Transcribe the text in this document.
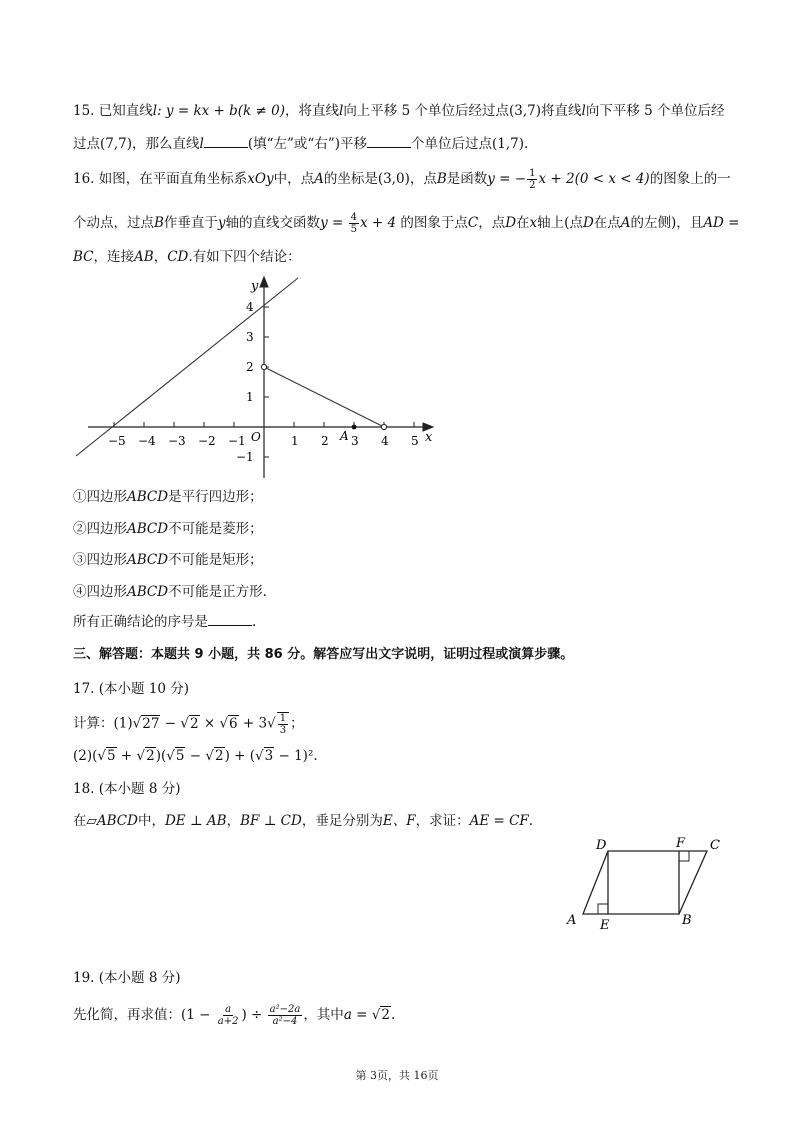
15. 已知直线l: y = kx + b(k ≠ 0)，将直线l向上平移 5 个单位后经过点(3,7)将直线l向下平移 5 个单位后经
过点(7,7)，那么直线l	(填“左”或“右”)平移	个单位后过点(1,7).
16. 如图，在平面直角坐标系xOy中，点A的坐标是(3,0)，点B是函数y = − $\frac{1}{2}$ x + 2(0 < x < 4)的图象上的一
个动点，过点B作垂直于y轴的直线交函数$y = \frac{4}{5}$ x + 4 的图象于点C，点D在x轴上(点D在点A的左侧)，且AD =
BC，连接AB，CD.有如下四个结论：
−5 −4 −3 −2 −1	1 2 3 4 5
4
3
2
1
−1
O	A	x
y
①四边形ABCD是平行四边形；
②四边形ABCD不可能是菱形；
③四边形ABCD不可能是矩形；
④四边形ABCD不可能是正方形.
所有正确结论的序号是	.
三、解答题：本题共 9 小题，共 86 分。解答应写出文字说明，证明过程或演算步骤。
17. (本小题 10 分)
计算：$(1)√27 - √2 \times √6 + 3√ \frac{1}{3}$ ；
(2)(√5 + √2)(√5 − √2) + (√3 − 1)².
18. (本小题 8 分)
在▱ABCD中，DE ⊥ AB，BF ⊥ CD，垂足分别为E、F，求证：AE = CF.
A E	B
D	F C
19. (本小题 8 分)
先化简，再求值：($1 - \frac{a}{a+2}$ ) ÷ $\frac{\text{a²−2a}}{\text{a²−4}}$ ，其中a = √2.
第 3页，共 16页
